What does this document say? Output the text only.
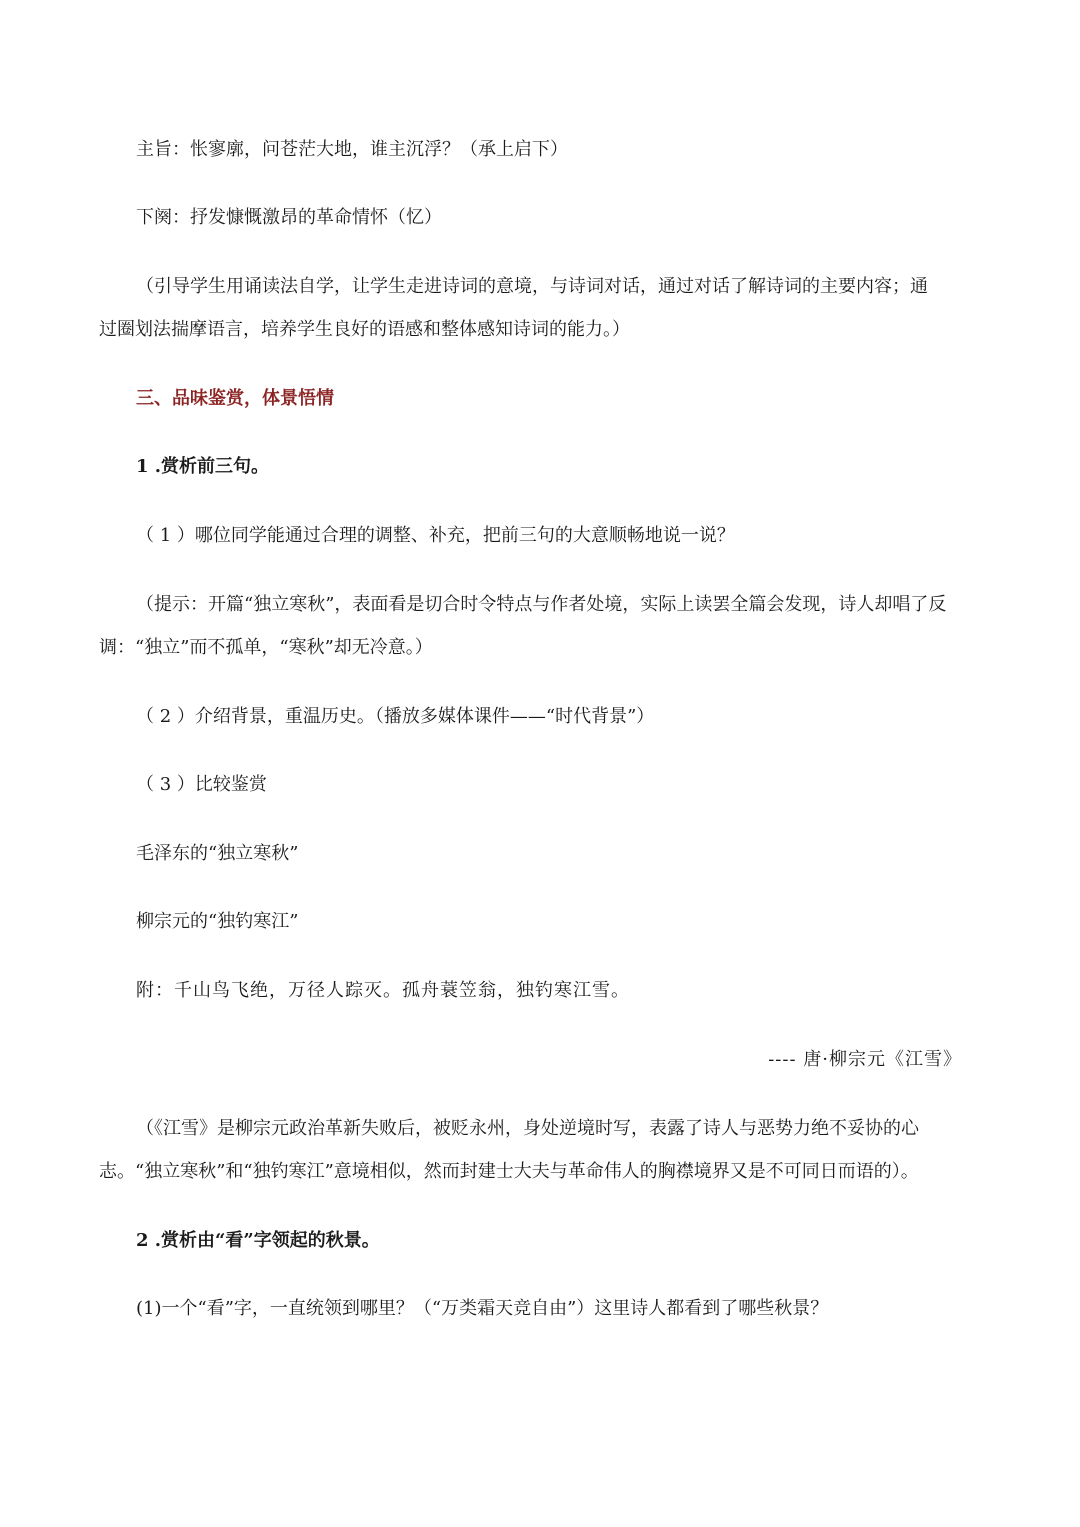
主旨：怅寥廓，问苍茫大地，谁主沉浮？（承上启下）
下阕：抒发慷慨激昂的革命情怀（忆）
（引导学生用诵读法自学，让学生走进诗词的意境，与诗词对话，通过对话了解诗词的主要内容；通
过圈划法揣摩语言，培养学生良好的语感和整体感知诗词的能力。）
三、品味鉴赏，体景悟情
1 .赏析前三句。
（ 1 ）哪位同学能通过合理的调整、补充，把前三句的大意顺畅地说一说？
（提示：开篇“独立寒秋”，表面看是切合时令特点与作者处境，实际上读罢全篇会发现，诗人却唱了反
调：“独立”而不孤单，“寒秋”却无冷意。）
（ 2 ）介绍背景，重温历史。（播放多媒体课件——“时代背景”）
（ 3 ）比较鉴赏
毛泽东的“独立寒秋”
柳宗元的“独钓寒江”
附：千山鸟飞绝，万径人踪灭。孤舟蓑笠翁，独钓寒江雪。
---- 唐·柳宗元《江雪》
（《江雪》是柳宗元政治革新失败后，被贬永州，身处逆境时写，表露了诗人与恶势力绝不妥协的心
志。“独立寒秋”和“独钓寒江”意境相似，然而封建士大夫与革命伟人的胸襟境界又是不可同日而语的）。
2 .赏析由“看”字领起的秋景。
(1)一个“看”字，一直统领到哪里？（“万类霜天竞自由”）这里诗人都看到了哪些秋景？
